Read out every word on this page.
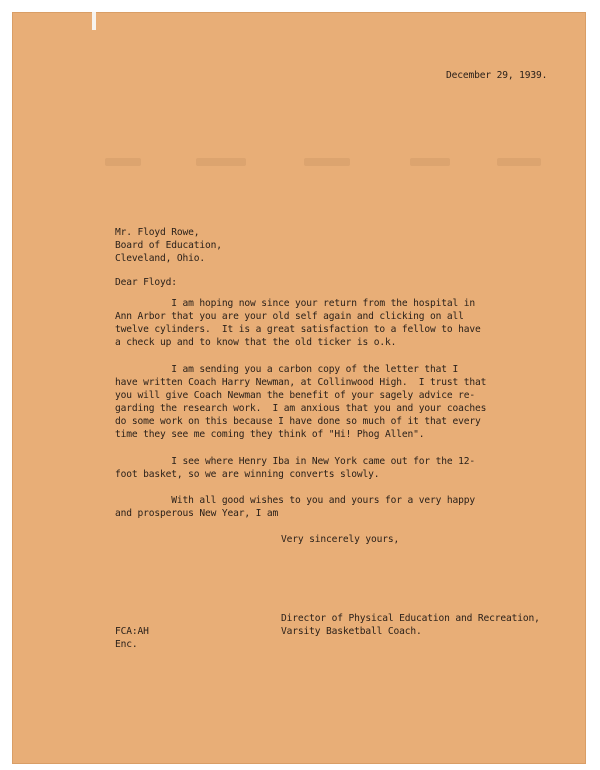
December 29, 1939.
Mr. Floyd Rowe,
Board of Education,
Cleveland, Ohio.
Dear Floyd:
I am hoping now since your return from the hospital in
Ann Arbor that you are your old self again and clicking on all
twelve cylinders.  It is a great satisfaction to a fellow to have
a check up and to know that the old ticker is o.k.
I am sending you a carbon copy of the letter that I
have written Coach Harry Newman, at Collinwood High.  I trust that
you will give Coach Newman the benefit of your sagely advice re-
garding the research work.  I am anxious that you and your coaches
do some work on this because I have done so much of it that every
time they see me coming they think of "Hi! Phog Allen".
I see where Henry Iba in New York came out for the 12-
foot basket, so we are winning converts slowly.
With all good wishes to you and yours for a very happy
and prosperous New Year, I am
Very sincerely yours,
Director of Physical Education and Recreation,
Varsity Basketball Coach.
FCA:AH
Enc.
